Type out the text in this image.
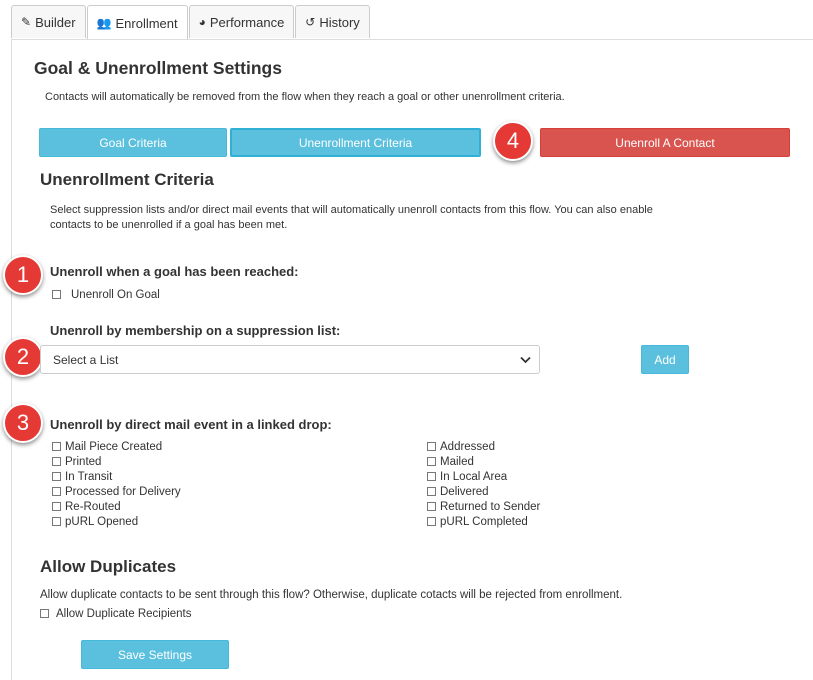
✎ Builder 👥 Enrollment ◕ Performance ↺ History
Goal & Unenrollment Settings
Contacts will automatically be removed from the flow when they reach a goal or other unenrollment criteria.
Goal Criteria	Unenrollment Criteria	Unenroll A Contact
4
1
2
3
Unenrollment Criteria
Select suppression lists and/or direct mail events that will automatically unenroll contacts from this flow. You can also enable contacts to be unenrolled if a goal has been met.
Unenroll when a goal has been reached:
Unenroll On Goal
Unenroll by membership on a suppression list:
Select a List	Add
Unenroll by direct mail event in a linked drop:
Mail Piece Created
Printed
In Transit
Processed for Delivery
Re-Routed
pURL Opened
Addressed
Mailed
In Local Area
Delivered
Returned to Sender
pURL Completed
Allow Duplicates
Allow duplicate contacts to be sent through this flow? Otherwise, duplicate cotacts will be rejected from enrollment.
Allow Duplicate Recipients
Save Settings
